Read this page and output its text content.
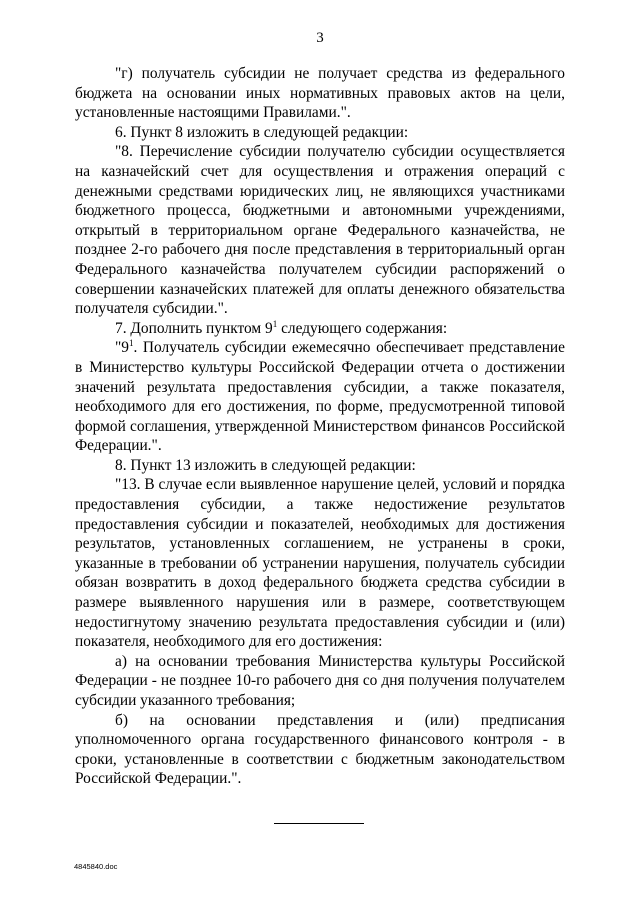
3

"г) получатель субсидии не получает средства из федерального бюджета на основании иных нормативных правовых актов на цели, установленные настоящими Правилами.".

6. Пункт 8 изложить в следующей редакции:

"8. Перечисление субсидии получателю субсидии осуществляется на казначейский счет для осуществления и отражения операций с денежными средствами юридических лиц, не являющихся участниками бюджетного процесса, бюджетными и автономными учреждениями, открытый в территориальном органе Федерального казначейства, не позднее 2-го рабочего дня после представления в территориальный орган Федерального казначейства получателем субсидии распоряжений о совершении казначейских платежей для оплаты денежного обязательства получателя субсидии.".

7. Дополнить пунктом $9^1$ следующего содержания:

"$9^1$. Получатель субсидии ежемесячно обеспечивает представление в Министерство культуры Российской Федерации отчета о достижении значений результата предоставления субсидии, а также показателя, необходимого для его достижения, по форме, предусмотренной типовой формой соглашения, утвержденной Министерством финансов Российской Федерации.".

8. Пункт 13 изложить в следующей редакции:

"13. В случае если выявленное нарушение целей, условий и порядка предоставления субсидии, а также недостижение результатов предоставления субсидии и показателей, необходимых для достижения результатов, установленных соглашением, не устранены в сроки, указанные в требовании об устранении нарушения, получатель субсидии обязан возвратить в доход федерального бюджета средства субсидии в размере выявленного нарушения или в размере, соответствующем недостигнутому значению результата предоставления субсидии и (или) показателя, необходимого для его достижения:

а) на основании требования Министерства культуры Российской Федерации - не позднее 10-го рабочего дня со дня получения получателем субсидии указанного требования;

б) на основании представления и (или) предписания уполномоченного органа государственного финансового контроля - в сроки, установленные в соответствии с бюджетным законодательством Российской Федерации.".

4845840.doc
